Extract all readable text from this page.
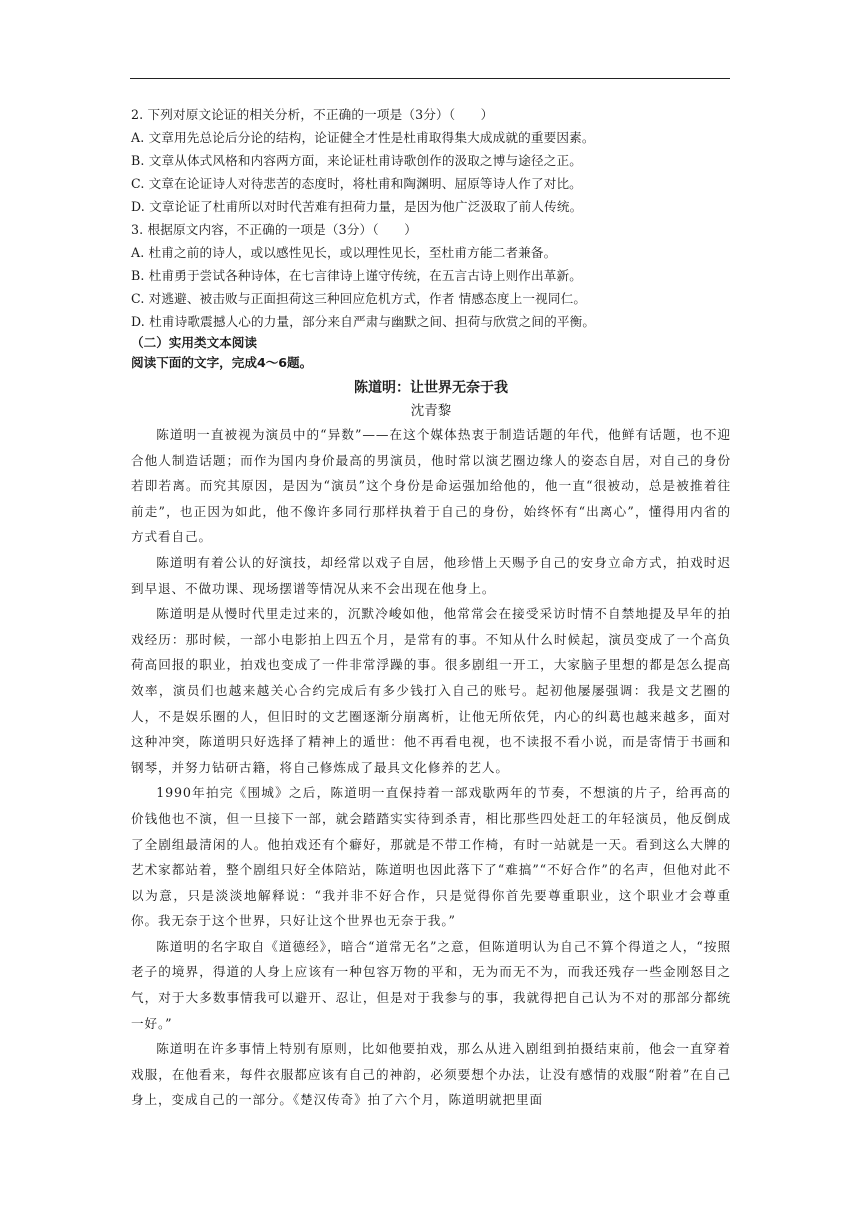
2. 下列对原文论证的相关分析，不正确的一项是（3分）（　　）
A. 文章用先总论后分论的结构，论证健全才性是杜甫取得集大成成就的重要因素。
B. 文章从体式风格和内容两方面，来论证杜甫诗歌创作的汲取之博与途径之正。
C. 文章在论证诗人对待悲苦的态度时，将杜甫和陶渊明、屈原等诗人作了对比。
D. 文章论证了杜甫所以对时代苦难有担荷力量，是因为他广泛汲取了前人传统。
3. 根据原文内容，不正确的一项是（3分）（　　）
A. 杜甫之前的诗人，或以感性见长，或以理性见长，至杜甫方能二者兼备。
B. 杜甫勇于尝试各种诗体，在七言律诗上谨守传统，在五言古诗上则作出革新。
C. 对逃避、被击败与正面担荷这三种回应危机方式，作者 情感态度上一视同仁。
D. 杜甫诗歌震撼人心的力量，部分来自严肃与幽默之间、担荷与欣赏之间的平衡。
（二）实用类文本阅读
阅读下面的文字，完成4～6题。
陈道明：让世界无奈于我
沈青黎

陈道明一直被视为演员中的“异数”——在这个媒体热衷于制造话题的年代，他鲜有话题，也不迎合他人制造话题；而作为国内身价最高的男演员，他时常以演艺圈边缘人的姿态自居，对自己的身份若即若离。而究其原因，是因为“演员”这个身份是命运强加给他的，他一直“很被动，总是被推着往前走”，也正因为如此，他不像许多同行那样执着于自己的身份，始终怀有“出离心”，懂得用内省的方式看自己。

陈道明有着公认的好演技，却经常以戏子自居，他珍惜上天赐予自己的安身立命方式，拍戏时迟到早退、不做功课、现场摆谱等情况从来不会出现在他身上。

陈道明是从慢时代里走过来的，沉默冷峻如他，他常常会在接受采访时情不自禁地提及早年的拍戏经历：那时候，一部小电影拍上四五个月，是常有的事。不知从什么时候起，演员变成了一个高负荷高回报的职业，拍戏也变成了一件非常浮躁的事。很多剧组一开工，大家脑子里想的都是怎么提高效率，演员们也越来越关心合约完成后有多少钱打入自己的账号。起初他屡屡强调：我是文艺圈的人，不是娱乐圈的人，但旧时的文艺圈逐渐分崩离析，让他无所依凭，内心的纠葛也越来越多，面对这种冲突，陈道明只好选择了精神上的遁世：他不再看电视，也不读报不看小说，而是寄情于书画和钢琴，并努力钻研古籍，将自己修炼成了最具文化修养的艺人。

1990年拍完《围城》之后，陈道明一直保持着一部戏歇两年的节奏，不想演的片子，给再高的价钱他也不演，但一旦接下一部，就会踏踏实实待到杀青，相比那些四处赶工的年轻演员，他反倒成了全剧组最清闲的人。他拍戏还有个癖好，那就是不带工作椅，有时一站就是一天。看到这么大牌的艺术家都站着，整个剧组只好全体陪站，陈道明也因此落下了“难搞”“不好合作”的名声，但他对此不以为意，只是淡淡地解释说：“我并非不好合作，只是觉得你首先要尊重职业，这个职业才会尊重你。我无奈于这个世界，只好让这个世界也无奈于我。”

陈道明的名字取自《道德经》，暗合“道常无名”之意，但陈道明认为自己不算个得道之人，“按照老子的境界，得道的人身上应该有一种包容万物的平和，无为而无不为，而我还残存一些金刚怒目之气，对于大多数事情我可以避开、忍让，但是对于我参与的事，我就得把自己认为不对的那部分都统一好。”

陈道明在许多事情上特别有原则，比如他要拍戏，那么从进入剧组到拍摄结束前，他会一直穿着戏服，在他看来，每件衣服都应该有自己的神韵，必须要想个办法，让没有感情的戏服“附着”在自己身上，变成自己的一部分。《楚汉传奇》拍了六个月，陈道明就把里面
